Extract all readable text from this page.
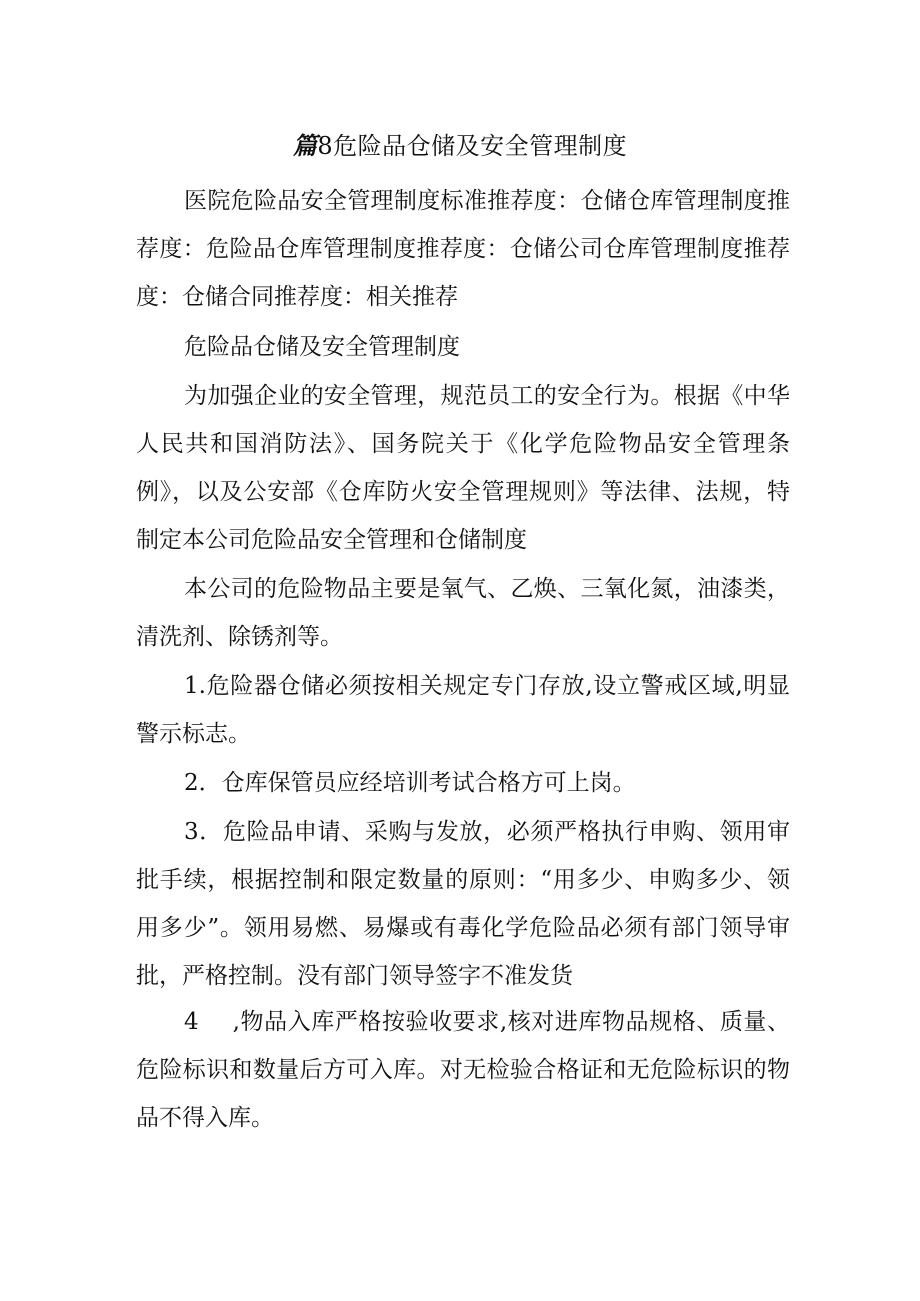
篇8危险品仓储及安全管理制度

医院危险品安全管理制度标准推荐度：仓储仓库管理制度推荐度：危险品仓库管理制度推荐度：仓储公司仓库管理制度推荐度：仓储合同推荐度：相关推荐

危险品仓储及安全管理制度

为加强企业的安全管理，规范员工的安全行为。根据《中华人民共和国消防法》、国务院关于《化学危险物品安全管理条例》，以及公安部《仓库防火安全管理规则》等法律、法规，特制定本公司危险品安全管理和仓储制度

本公司的危险物品主要是氧气、乙焕、三氧化氮，油漆类，清洗剂、除锈剂等。

1.危险器仓储必须按相关规定专门存放,设立警戒区域,明显警示标志。

2．仓库保管员应经培训考试合格方可上岗。

3．危险品申请、采购与发放，必须严格执行申购、领用审批手续，根据控制和限定数量的原则：“用多少、申购多少、领用多少”。领用易燃、易爆或有毒化学危险品必须有部门领导审批，严格控制。没有部门领导签字不准发货

4 ,物品入库严格按验收要求,核对进库物品规格、质量、危险标识和数量后方可入库。对无检验合格证和无危险标识的物品不得入库。
